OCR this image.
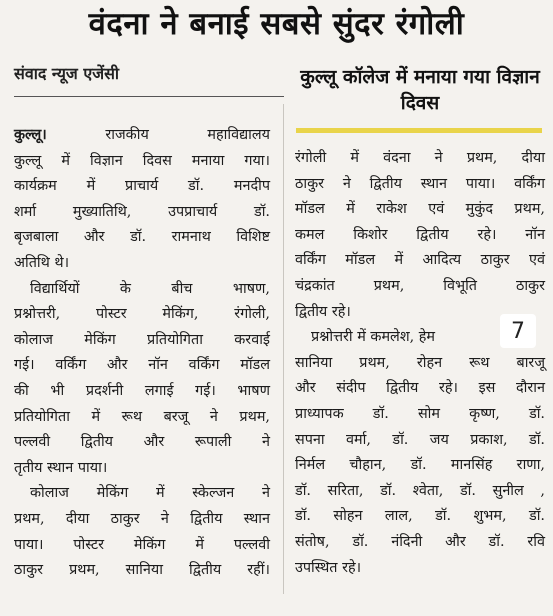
वंदना ने बनाई सबसे सुंदर रंगोली
संवाद न्यूज एजेंसी	कुल्लू कॉलेज में मनाया गया विज्ञान दिवस
कुल्लू। राजकीय महाविद्यालय
कुल्लू में विज्ञान दिवस मनाया गया।
कार्यक्रम में प्राचार्य डॉ. मनदीप
शर्मा मुख्यातिथि, उपप्राचार्य डॉ.
बृजबाला और डॉ. रामनाथ विशिष्ट
अतिथि थे।
विद्यार्थियों के बीच भाषण,
प्रश्नोत्तरी, पोस्टर मेकिंग, रंगोली,
कोलाज मेकिंग प्रतियोगिता करवाई
गई। वर्किंग और नॉन वर्किंग मॉडल
की भी प्रदर्शनी लगाई गई। भाषण
प्रतियोगिता में रूथ बरजू ने प्रथम,
पल्लवी द्वितीय और रूपाली ने
तृतीय स्थान पाया।
कोलाज मेकिंग में स्केल्जन ने
प्रथम, दीया ठाकुर ने द्वितीय स्थान
पाया। पोस्टर मेकिंग में पल्लवी
ठाकुर प्रथम, सानिया द्वितीय रहीं।
रंगोली में वंदना ने प्रथम, दीया
ठाकुर ने द्वितीय स्थान पाया। वर्किंग
मॉडल में राकेश एवं मुकुंद प्रथम,
कमल किशोर द्वितीय रहे। नॉन
वर्किंग मॉडल में आदित्य ठाकुर एवं
चंद्रकांत प्रथम, विभूति ठाकुर
द्वितीय रहे।
प्रश्नोत्तरी में कमलेश, हेम
सानिया प्रथम, रोहन रूथ बारजू
और संदीप द्वितीय रहे। इस दौरान
प्राध्यापक डॉ. सोम कृष्ण, डॉ.
सपना वर्मा, डॉ. जय प्रकाश, डॉ.
निर्मल चौहान, डॉ. मानसिंह राणा,
डॉ. सरिता, डॉ. श्वेता, डॉ. सुनील ,
डॉ. सोहन लाल, डॉ. शुभम, डॉ.
संतोष, डॉ. नंदिनी और डॉ. रवि
उपस्थित रहे।
7
